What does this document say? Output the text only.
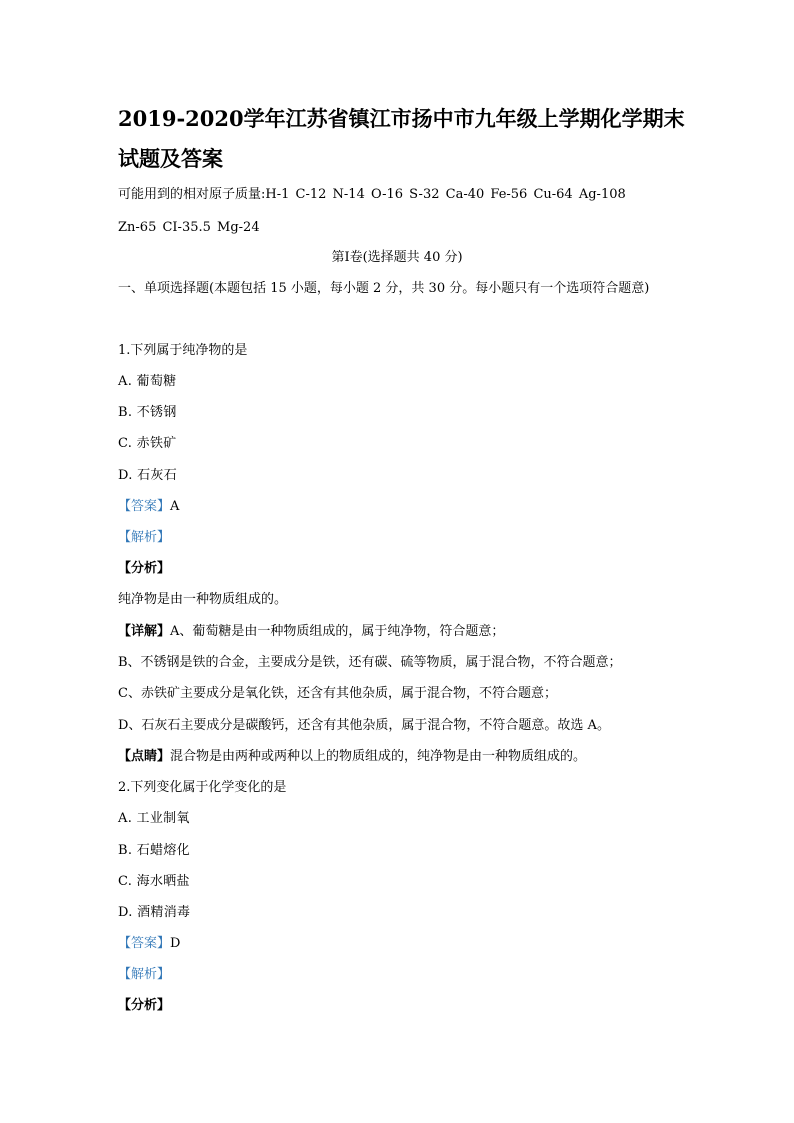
2019-2020学年江苏省镇江市扬中市九年级上学期化学期末
试题及答案
可能用到的相对原子质量:H-1 C-12 N-14 O-16 S-32 Ca-40 Fe-56 Cu-64 Ag-108
Zn-65 CI-35.5 Mg-24
第Ⅰ卷(选择题共 40 分)
一、单项选择题(本题包括 15 小题，每小题 2 分，共 30 分。每小题只有一个选项符合题意)
1.下列属于纯净物的是
A. 葡萄糖
B. 不锈钢
C. 赤铁矿
D. 石灰石
【答案】A
【解析】
【分析】
纯净物是由一种物质组成的。
【详解】A、葡萄糖是由一种物质组成的，属于纯净物，符合题意；
B、不锈钢是铁的合金，主要成分是铁，还有碳、硫等物质，属于混合物，不符合题意；
C、赤铁矿主要成分是氧化铁，还含有其他杂质，属于混合物，不符合题意；
D、石灰石主要成分是碳酸钙，还含有其他杂质，属于混合物，不符合题意。故选 A。
【点睛】混合物是由两种或两种以上的物质组成的，纯净物是由一种物质组成的。
2.下列变化属于化学变化的是
A. 工业制氧
B. 石蜡熔化
C. 海水晒盐
D. 酒精消毒
【答案】D
【解析】
【分析】
